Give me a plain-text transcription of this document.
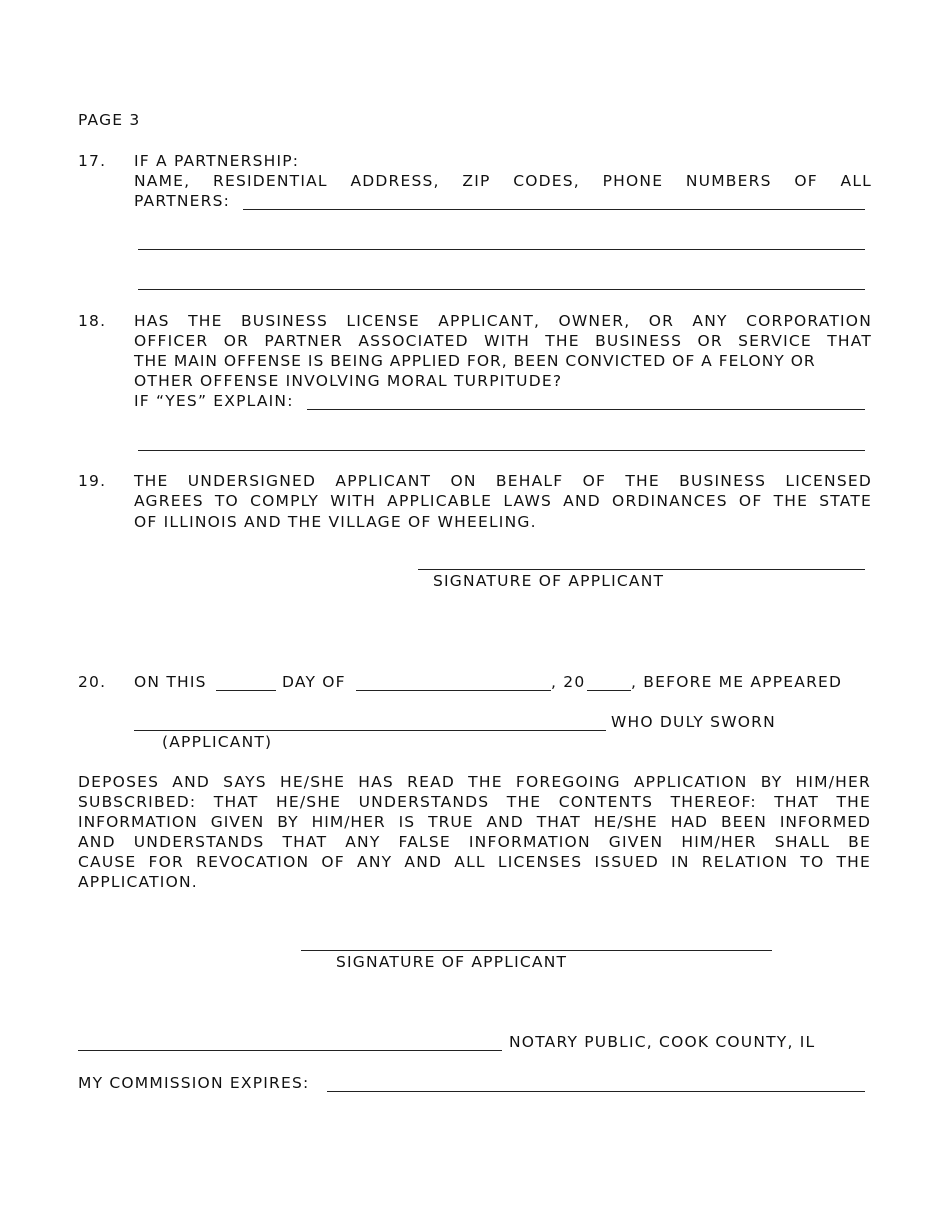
PAGE 3
17. IF A PARTNERSHIP:
NAME, RESIDENTIAL ADDRESS, ZIP CODES, PHONE NUMBERS OF ALL
PARTNERS:
18. HAS THE BUSINESS LICENSE APPLICANT, OWNER, OR ANY CORPORATION
OFFICER OR PARTNER ASSOCIATED WITH THE BUSINESS OR SERVICE THAT
THE MAIN OFFENSE IS BEING APPLIED FOR, BEEN CONVICTED OF A FELONY OR
OTHER OFFENSE INVOLVING MORAL TURPITUDE?
IF “YES” EXPLAIN:
19. THE UNDERSIGNED APPLICANT ON BEHALF OF THE BUSINESS LICENSED
AGREES TO COMPLY WITH APPLICABLE LAWS AND ORDINANCES OF THE STATE
OF ILLINOIS AND THE VILLAGE OF WHEELING.
SIGNATURE OF APPLICANT
20. ON THIS	DAY OF	, 20	, BEFORE ME APPEARED
WHO DULY SWORN
(APPLICANT)
DEPOSES AND SAYS HE/SHE HAS READ THE FOREGOING APPLICATION BY HIM/HER
SUBSCRIBED: THAT HE/SHE UNDERSTANDS THE CONTENTS THEREOF: THAT THE
INFORMATION GIVEN BY HIM/HER IS TRUE AND THAT HE/SHE HAD BEEN INFORMED
AND UNDERSTANDS THAT ANY FALSE INFORMATION GIVEN HIM/HER SHALL BE
CAUSE FOR REVOCATION OF ANY AND ALL LICENSES ISSUED IN RELATION TO THE
APPLICATION.
SIGNATURE OF APPLICANT
NOTARY PUBLIC, COOK COUNTY, IL
MY COMMISSION EXPIRES:
